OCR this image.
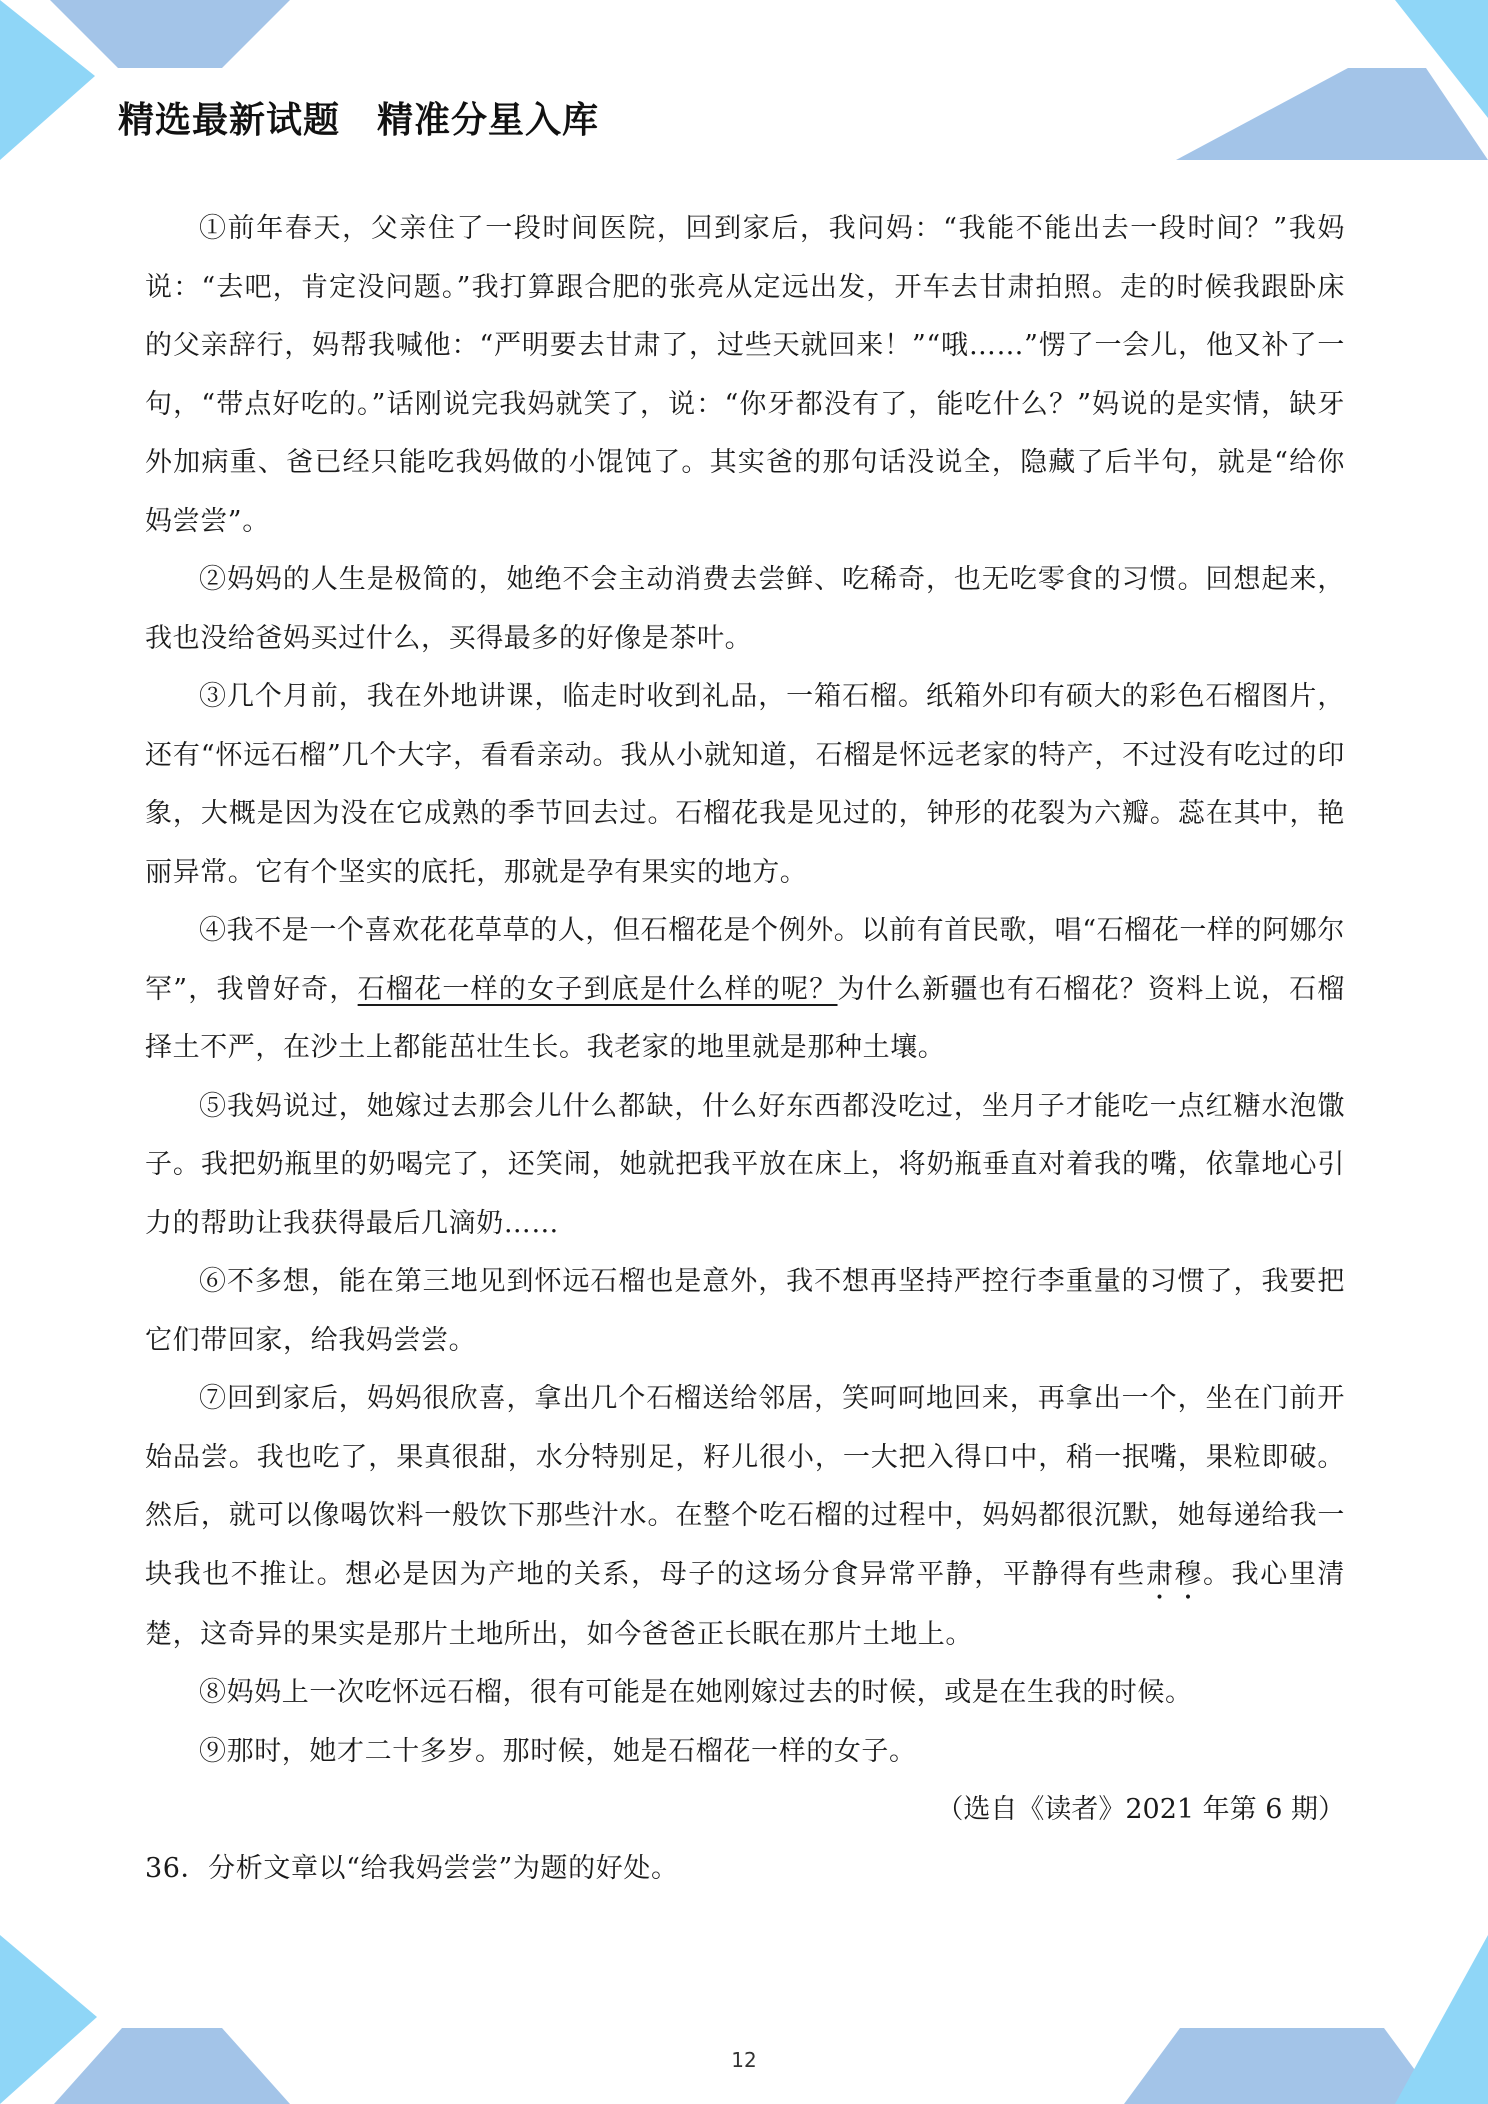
精选最新试题　精准分星入库

①前年春天，父亲住了一段时间医院，回到家后，我问妈：“我能不能出去一段时间？”我妈说：“去吧，肯定没问题。”我打算跟合肥的张亮从定远出发，开车去甘肃拍照。走的时候我跟卧床的父亲辞行，妈帮我喊他：“严明要去甘肃了，过些天就回来！”“哦……”愣了一会儿，他又补了一句，“带点好吃的。”话刚说完我妈就笑了，说：“你牙都没有了，能吃什么？”妈说的是实情，缺牙外加病重、爸已经只能吃我妈做的小馄饨了。其实爸的那句话没说全，隐藏了后半句，就是“给你妈尝尝”。

②妈妈的人生是极简的，她绝不会主动消费去尝鲜、吃稀奇，也无吃零食的习惯。回想起来，我也没给爸妈买过什么，买得最多的好像是茶叶。

③几个月前，我在外地讲课，临走时收到礼品，一箱石榴。纸箱外印有硕大的彩色石榴图片，还有“怀远石榴”几个大字，看看亲动。我从小就知道，石榴是怀远老家的特产，不过没有吃过的印象，大概是因为没在它成熟的季节回去过。石榴花我是见过的，钟形的花裂为六瓣。蕊在其中，艳丽异常。它有个坚实的底托，那就是孕有果实的地方。

④我不是一个喜欢花花草草的人，但石榴花是个例外。以前有首民歌，唱“石榴花一样的阿娜尔罕”，我曾好奇，石榴花一样的女子到底是什么样的呢？为什么新疆也有石榴花？资料上说，石榴择土不严，在沙土上都能茁壮生长。我老家的地里就是那种土壤。

⑤我妈说过，她嫁过去那会儿什么都缺，什么好东西都没吃过，坐月子才能吃一点红糖水泡馓子。我把奶瓶里的奶喝完了，还笑闹，她就把我平放在床上，将奶瓶垂直对着我的嘴，依靠地心引力的帮助让我获得最后几滴奶……

⑥不多想，能在第三地见到怀远石榴也是意外，我不想再坚持严控行李重量的习惯了，我要把它们带回家，给我妈尝尝。

⑦回到家后，妈妈很欣喜，拿出几个石榴送给邻居，笑呵呵地回来，再拿出一个，坐在门前开始品尝。我也吃了，果真很甜，水分特别足，籽儿很小，一大把入得口中，稍一抿嘴，果粒即破。然后，就可以像喝饮料一般饮下那些汁水。在整个吃石榴的过程中，妈妈都很沉默，她每递给我一块我也不推让。想必是因为产地的关系，母子的这场分食异常平静，平静得有些肃穆。我心里清楚，这奇异的果实是那片土地所出，如今爸爸正长眠在那片土地上。

⑧妈妈上一次吃怀远石榴，很有可能是在她刚嫁过去的时候，或是在生我的时候。

⑨那时，她才二十多岁。那时候，她是石榴花一样的女子。

（选自《读者》2021 年第 6 期）

36．分析文章以“给我妈尝尝”为题的好处。

12
